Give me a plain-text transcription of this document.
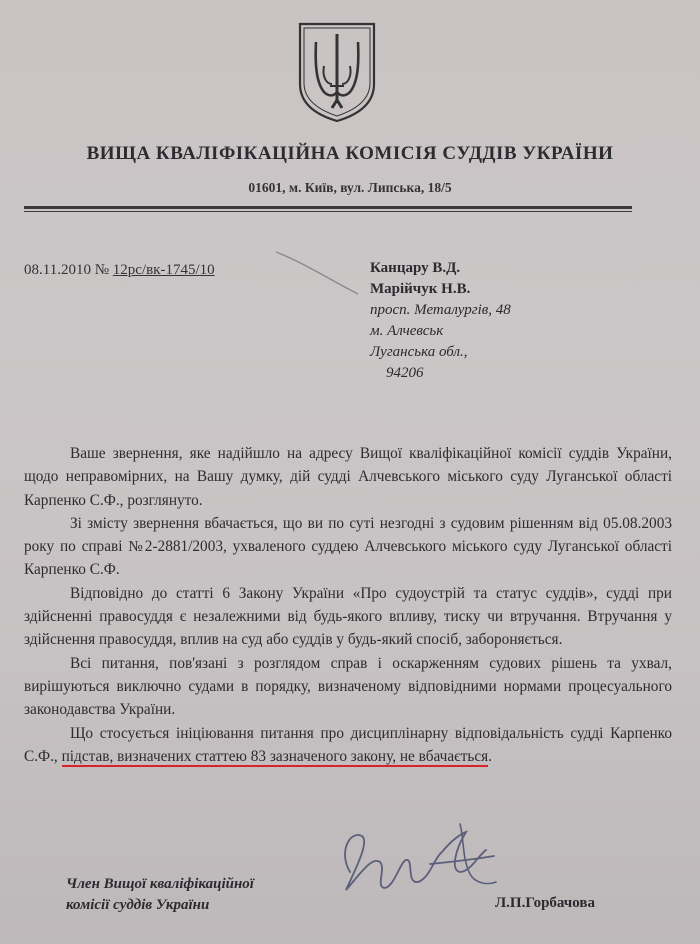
ВИЩА КВАЛІФІКАЦІЙНА КОМІСІЯ СУДДІВ УКРАЇНИ
01601, м. Київ, вул. Липська, 18/5
08.11.2010 № 12рс/вк-1745/10	Канцару В.Д.
Марійчук Н.В.
просп. Металургів, 48
м. Алчевськ
Луганська обл.,
94206

Ваше звернення, яке надійшло на адресу Вищої кваліфікаційної комісії суддів України, щодо неправомірних, на Вашу думку, дій судді Алчевського міського суду Луганської області Карпенко С.Ф., розглянуто.

Зі змісту звернення вбачається, що ви по суті незгодні з судовим рішенням від 05.08.2003 року по справі №2-2881/2003, ухваленого суддею Алчевського міського суду Луганської області Карпенко С.Ф.

Відповідно до статті 6 Закону України «Про судоустрій та статус суддів», судді при здійсненні правосуддя є незалежними від будь-якого впливу, тиску чи втручання. Втручання у здійснення правосуддя, вплив на суд або суддів у будь-який спосіб, забороняється.

Всі питання, пов'язані з розглядом справ і оскарженням судових рішень та ухвал, вирішуються виключно судами в порядку, визначеному відповідними нормами процесуального законодавства України.

Що стосується ініціювання питання про дисциплінарну відповідальність судді Карпенко С.Ф., підстав, визначених статтею 83 зазначеного закону, не вбачається.

Член Вищої кваліфікаційної
комісії суддів України	Л.П.Горбачова
